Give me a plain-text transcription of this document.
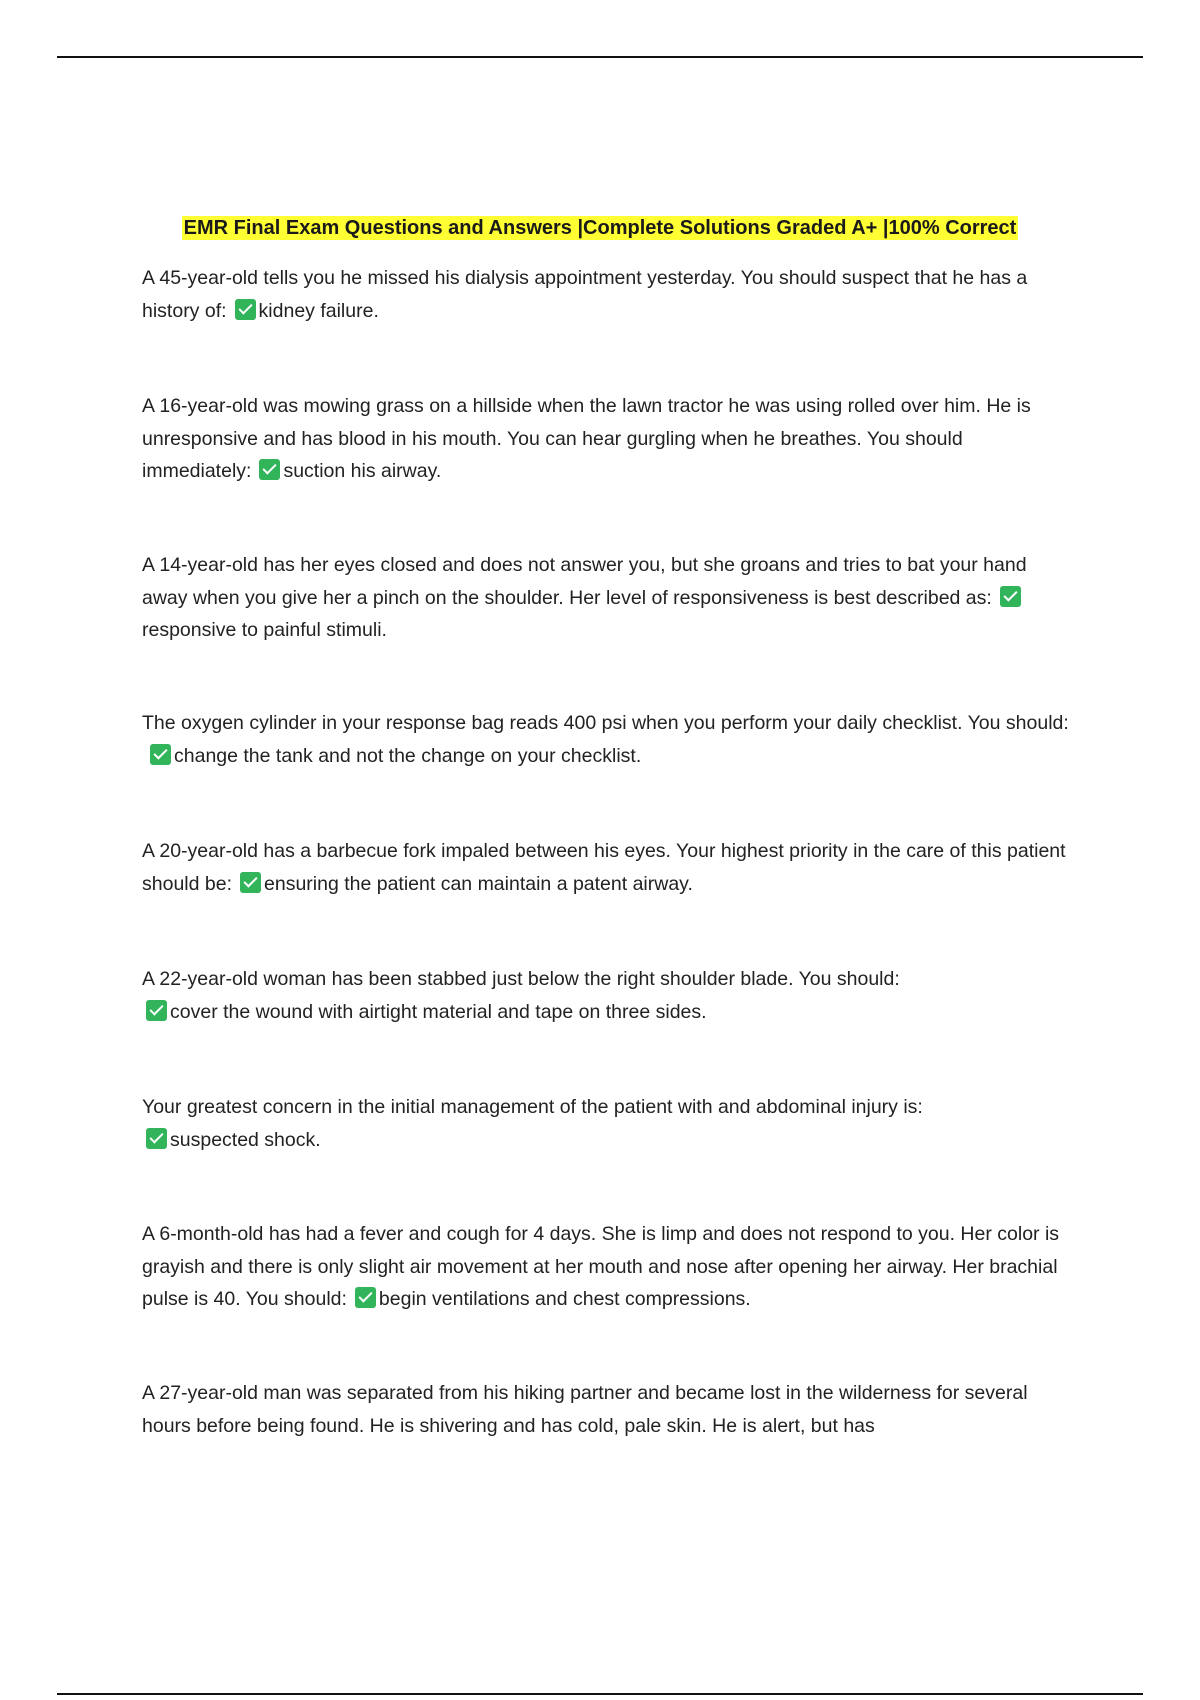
EMR Final Exam Questions and Answers |Complete Solutions Graded A+ |100% Correct

A 45-year-old tells you he missed his dialysis appointment yesterday. You should suspect that he has a history of: kidney failure.

A 16-year-old was mowing grass on a hillside when the lawn tractor he was using rolled over him. He is unresponsive and has blood in his mouth. You can hear gurgling when he breathes. You should immediately: suction his airway.

A 14-year-old has her eyes closed and does not answer you, but she groans and tries to bat your hand away when you give her a pinch on the shoulder. Her level of responsiveness is best described as:responsive to painful stimuli.

The oxygen cylinder in your response bag reads 400 psi when you perform your daily checklist. You should:change the tank and not the change on your checklist.

A 20-year-old has a barbecue fork impaled between his eyes. Your highest priority in the care of this patient should be: ensuring the patient can maintain a patent airway.

A 22-year-old woman has been stabbed just below the right shoulder blade. You should:
cover the wound with airtight material and tape on three sides.

Your greatest concern in the initial management of the patient with and abdominal injury is:
suspected shock.

A 6-month-old has had a fever and cough for 4 days. She is limp and does not respond to you. Her color is grayish and there is only slight air movement at her mouth and nose after opening her airway. Her brachial pulse is 40. You should: begin ventilations and chest compressions.

A 27-year-old man was separated from his hiking partner and became lost in the wilderness for several hours before being found. He is shivering and has cold, pale skin. He is alert, but has
